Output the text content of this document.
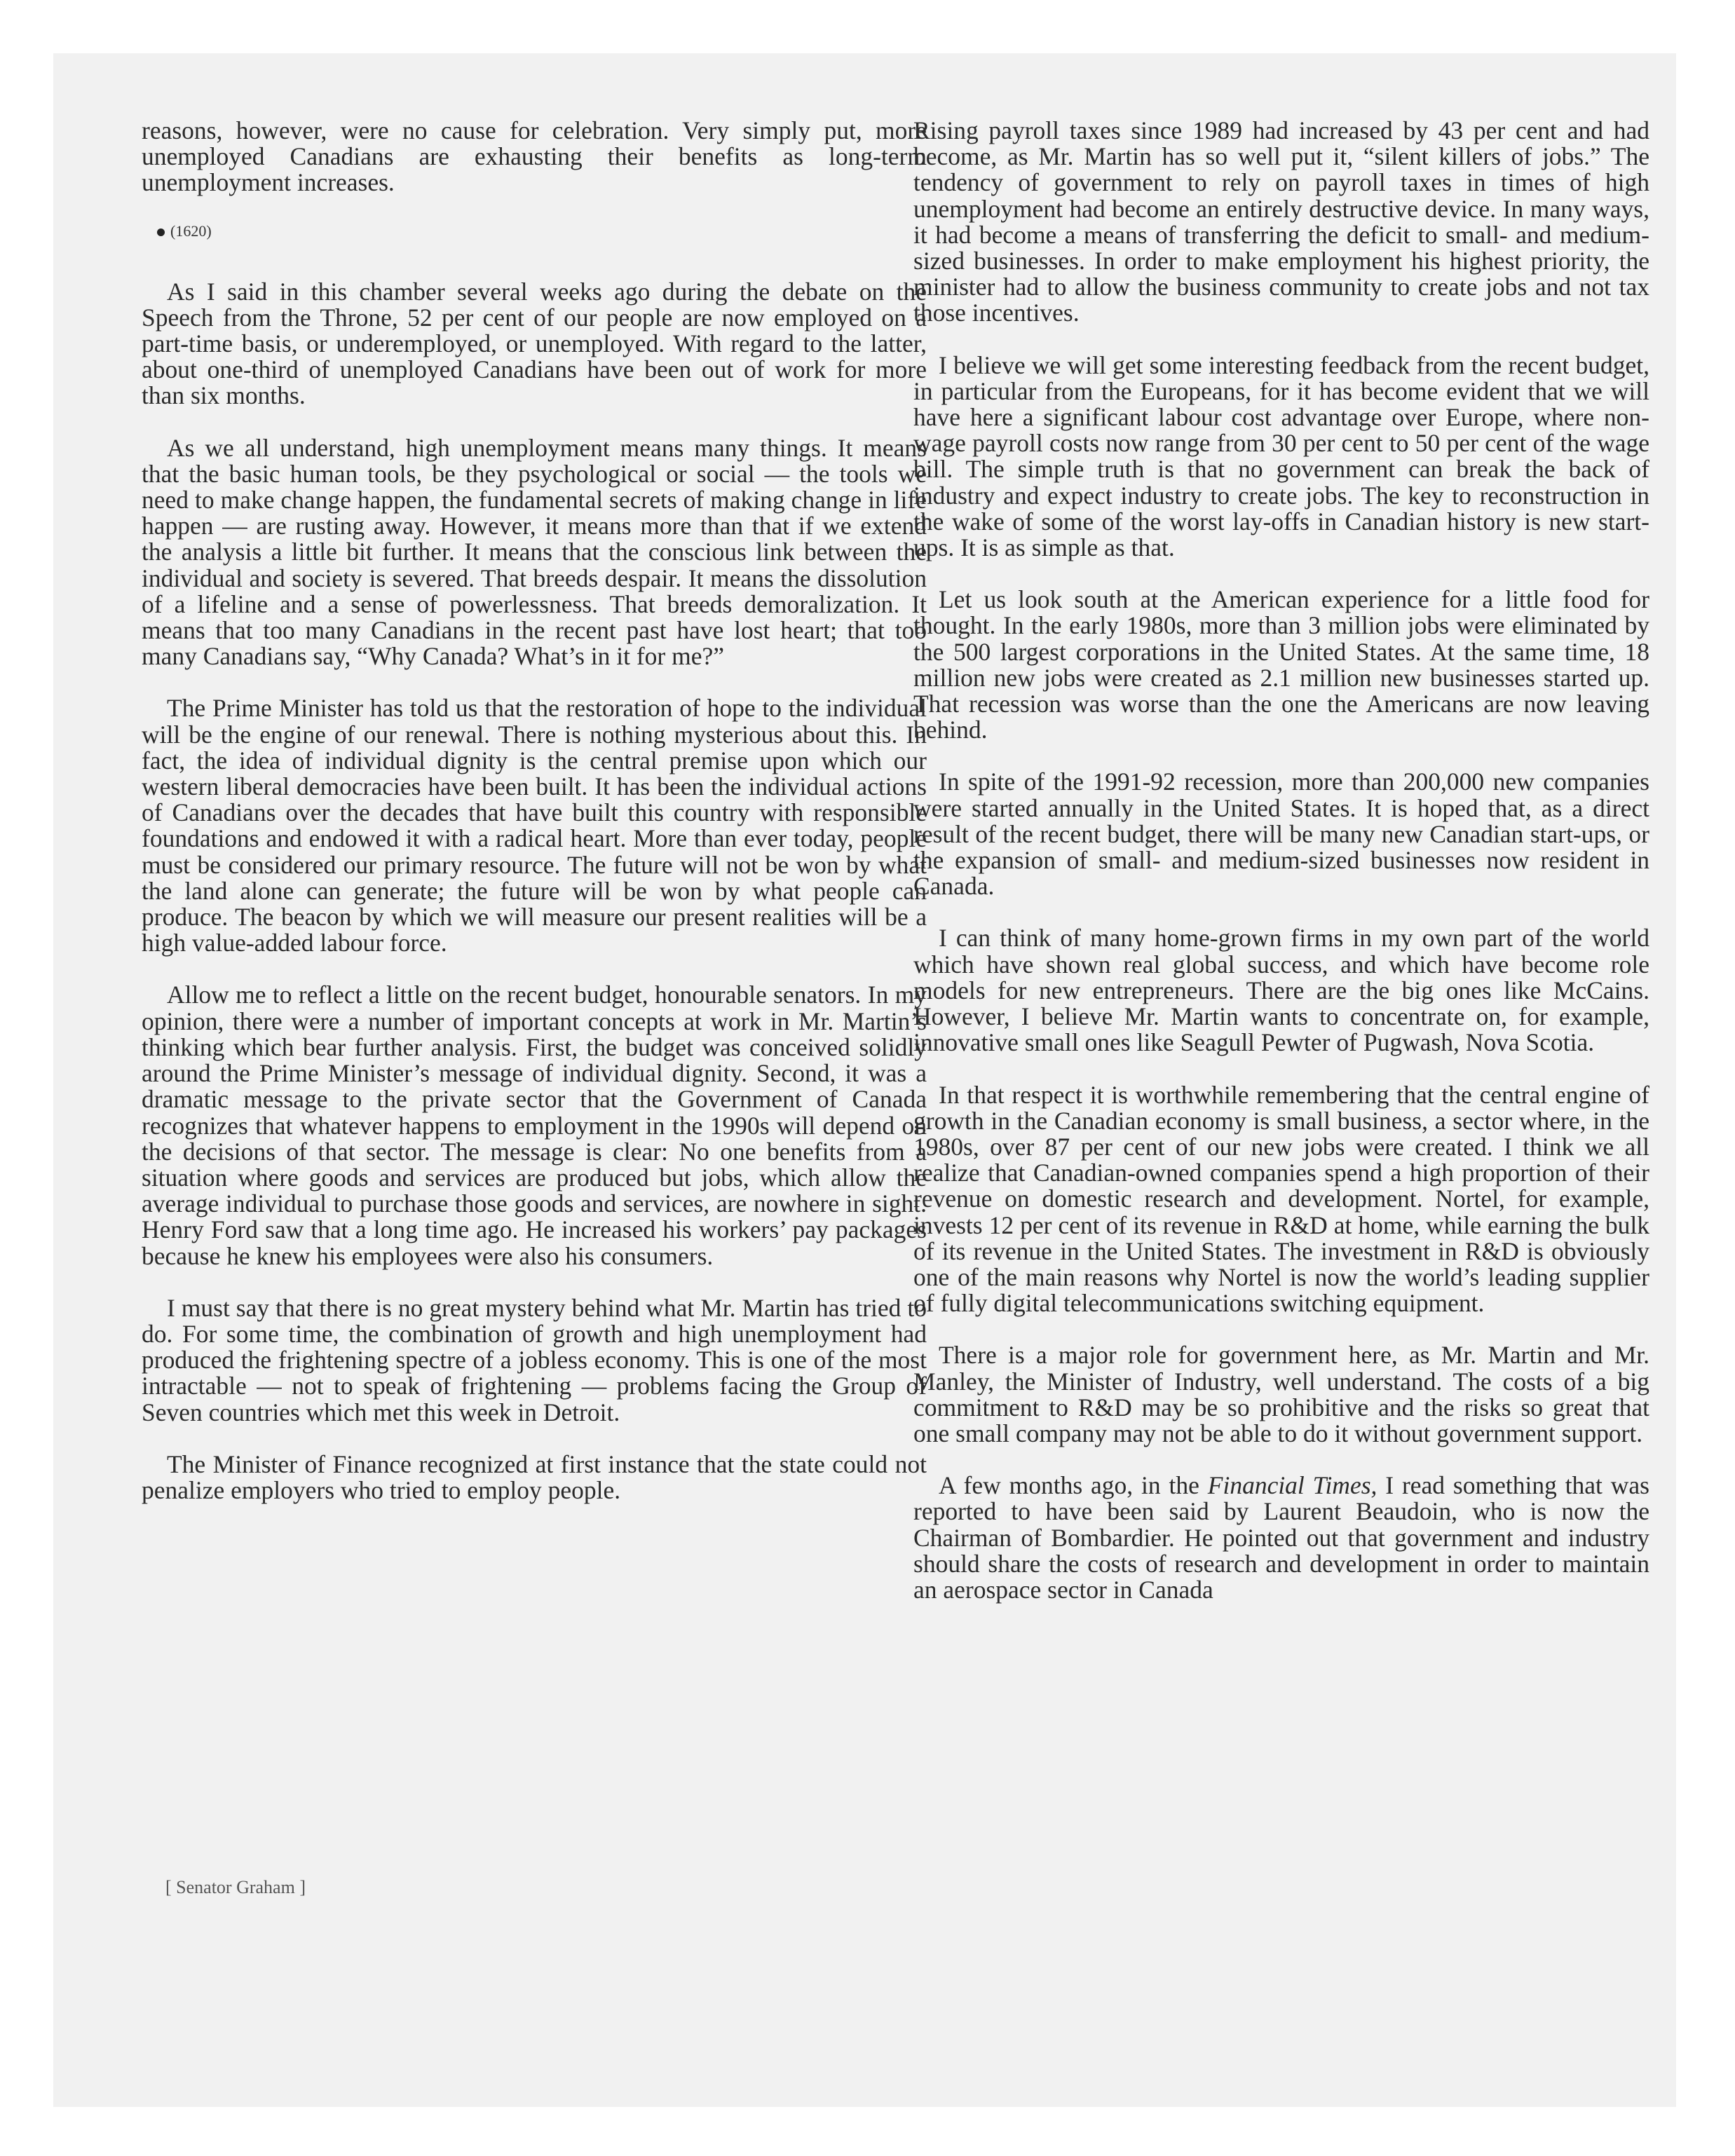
reasons, however, were no cause for celebration. Very simply put, more unemployed Canadians are exhausting their benefits as long-term unemployment increases.

(1620)

As I said in this chamber several weeks ago during the debate on the Speech from the Throne, 52 per cent of our people are now employed on a part-time basis, or underemployed, or unemployed. With regard to the latter, about one-third of unemployed Canadians have been out of work for more than six months.

As we all understand, high unemployment means many things. It means that the basic human tools, be they psychological or social — the tools we need to make change happen, the fundamental secrets of making change in life happen — are rusting away. However, it means more than that if we extend the analysis a little bit further. It means that the conscious link between the individual and society is severed. That breeds despair. It means the dissolution of a lifeline and a sense of powerlessness. That breeds demoralization. It means that too many Canadians in the recent past have lost heart; that too many Canadians say, “Why Canada? What’s in it for me?”

The Prime Minister has told us that the restoration of hope to the individual will be the engine of our renewal. There is nothing mysterious about this. In fact, the idea of individual dignity is the central premise upon which our western liberal democracies have been built. It has been the individual actions of Canadians over the decades that have built this country with responsible foundations and endowed it with a radical heart. More than ever today, people must be considered our primary resource. The future will not be won by what the land alone can generate; the future will be won by what people can produce. The beacon by which we will measure our present realities will be a high value-added labour force.

Allow me to reflect a little on the recent budget, honourable senators. In my opinion, there were a number of important concepts at work in Mr. Martin’s thinking which bear further analysis. First, the budget was conceived solidly around the Prime Minister’s message of individual dignity. Second, it was a dramatic message to the private sector that the Government of Canada recognizes that whatever happens to employment in the 1990s will depend on the decisions of that sector. The message is clear: No one benefits from a situation where goods and services are produced but jobs, which allow the average individual to purchase those goods and services, are nowhere in sight. Henry Ford saw that a long time ago. He increased his workers’ pay packages because he knew his employees were also his consumers.

I must say that there is no great mystery behind what Mr. Martin has tried to do. For some time, the combination of growth and high unemployment had produced the frightening spectre of a jobless economy. This is one of the most intractable — not to speak of frightening — problems facing the Group of Seven countries which met this week in Detroit.

The Minister of Finance recognized at first instance that the state could not penalize employers who tried to employ people.

Rising payroll taxes since 1989 had increased by 43 per cent and had become, as Mr. Martin has so well put it, “silent killers of jobs.” The tendency of government to rely on payroll taxes in times of high unemployment had become an entirely destructive device. In many ways, it had become a means of transferring the deficit to small- and medium-sized businesses. In order to make employment his highest priority, the minister had to allow the business community to create jobs and not tax those incentives.

I believe we will get some interesting feedback from the recent budget, in particular from the Europeans, for it has become evident that we will have here a significant labour cost advantage over Europe, where non-wage payroll costs now range from 30 per cent to 50 per cent of the wage bill. The simple truth is that no government can break the back of industry and expect industry to create jobs. The key to reconstruction in the wake of some of the worst lay-offs in Canadian history is new start-ups. It is as simple as that.

Let us look south at the American experience for a little food for thought. In the early 1980s, more than 3 million jobs were eliminated by the 500 largest corporations in the United States. At the same time, 18 million new jobs were created as 2.1 million new businesses started up. That recession was worse than the one the Americans are now leaving behind.

In spite of the 1991-92 recession, more than 200,000 new companies were started annually in the United States. It is hoped that, as a direct result of the recent budget, there will be many new Canadian start-ups, or the expansion of small- and medium-sized businesses now resident in Canada.

I can think of many home-grown firms in my own part of the world which have shown real global success, and which have become role models for new entrepreneurs. There are the big ones like McCains. However, I believe Mr. Martin wants to concentrate on, for example, innovative small ones like Seagull Pewter of Pugwash, Nova Scotia.

In that respect it is worthwhile remembering that the central engine of growth in the Canadian economy is small business, a sector where, in the 1980s, over 87 per cent of our new jobs were created. I think we all realize that Canadian-owned companies spend a high proportion of their revenue on domestic research and development. Nortel, for example, invests 12 per cent of its revenue in R&D at home, while earning the bulk of its revenue in the United States. The investment in R&D is obviously one of the main reasons why Nortel is now the world’s leading supplier of fully digital telecommunications switching equipment.

There is a major role for government here, as Mr. Martin and Mr. Manley, the Minister of Industry, well understand. The costs of a big commitment to R&D may be so prohibitive and the risks so great that one small company may not be able to do it without government support.

A few months ago, in the Financial Times, I read something that was reported to have been said by Laurent Beaudoin, who is now the Chairman of Bombardier. He pointed out that government and industry should share the costs of research and development in order to maintain an aerospace sector in Canada

[ Senator Graham ]
